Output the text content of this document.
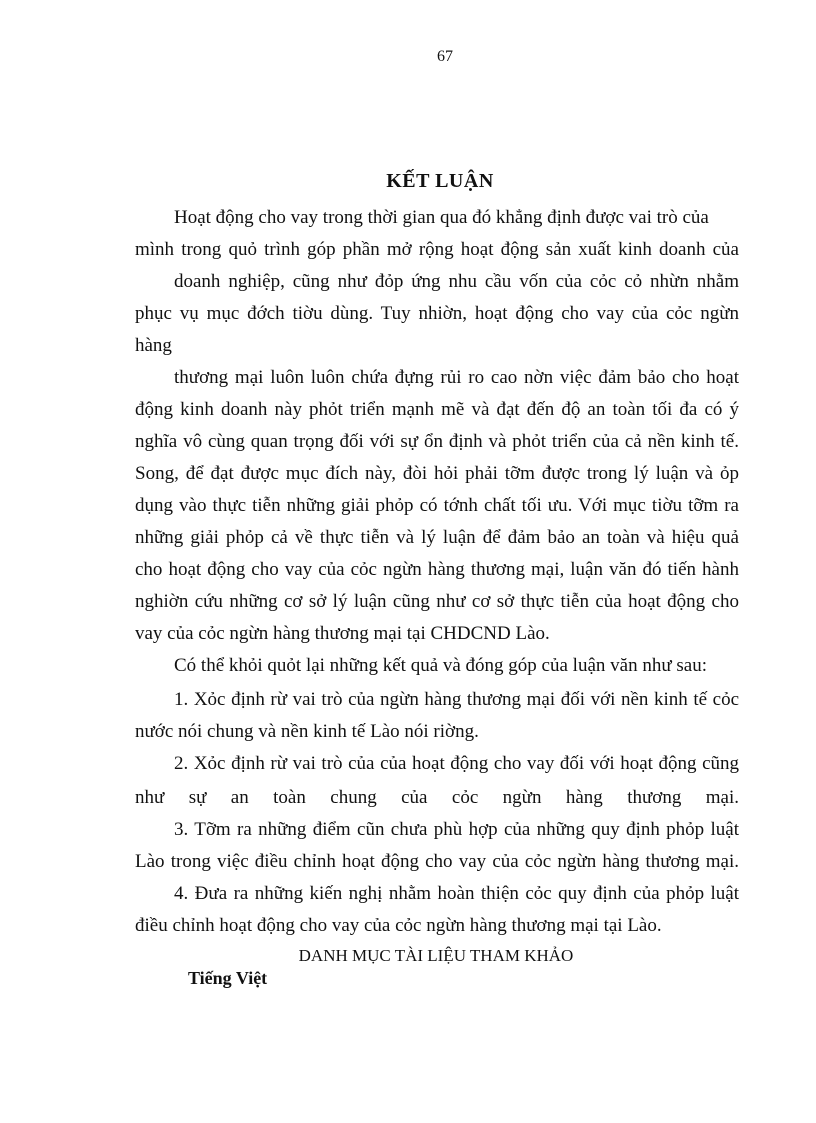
67
KẾT LUẬN
Hoạt động cho vay trong thời gian qua đó khẳng định được vai trò của
mình trong quỏ trình góp phần mở rộng hoạt động sản xuất kinh doanh của
doanh nghiệp, cũng như đỏp ứng nhu cầu vốn của cỏc cỏ nhừn nhằm
phục vụ mục đớch tiờu dùng. Tuy nhiờn, hoạt động cho vay của cỏc ngừn
hàng
thương mại luôn luôn chứa đựng rủi ro cao nờn việc đảm bảo cho hoạt
động kinh doanh này phỏt triển mạnh mẽ và đạt đến độ an toàn tối đa có ý
nghĩa vô cùng quan trọng đối với sự ổn định và phỏt triển của cả nền kinh tế.
Song, để đạt được mục đích này, đòi hỏi phải tỡm được trong lý luận và ỏp
dụng vào thực tiễn những giải phỏp có tớnh chất tối ưu. Với mục tiờu tỡm ra
những giải phỏp cả về thực tiễn và lý luận để đảm bảo an toàn và hiệu quả
cho hoạt động cho vay của cỏc ngừn hàng thương mại, luận văn đó tiến hành
nghiờn cứu những cơ sở lý luận cũng như cơ sở thực tiễn của hoạt động cho
vay của cỏc ngừn hàng thương mại tại CHDCND Lào.
Có thể khỏi quỏt lại những kết quả và đóng góp của luận văn như sau:
1. Xỏc định rừ vai trò của ngừn hàng thương mại đối với nền kinh tế cỏc
nước nói chung và nền kinh tế Lào nói riờng.
2. Xỏc định rừ vai trò của của hoạt động cho vay đối với hoạt động cũng
như sự an toàn chung của cỏc ngừn hàng thương mại.
3. Tỡm ra những điểm cũn chưa phù hợp của những quy định phỏp luật
Lào trong việc điều chỉnh hoạt động cho vay của cỏc ngừn hàng thương mại.
4. Đưa ra những kiến nghị nhằm hoàn thiện cỏc quy định của phỏp luật
điều chỉnh hoạt động cho vay của cỏc ngừn hàng thương mại tại Lào.
DANH MỤC TÀI LIỆU THAM KHẢO
Tiếng Việt
